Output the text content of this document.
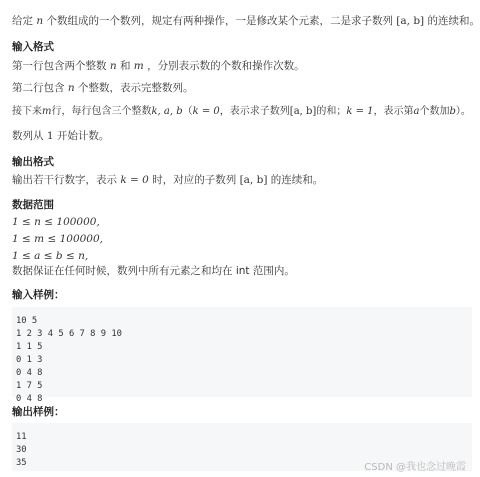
给定 n 个数组成的一个数列，规定有两种操作，一是修改某个元素，二是求子数列 [a, b] 的连续和。

输入格式

第一行包含两个整数 n 和 m ，分别表示数的个数和操作次数。

第二行包含 n 个整数，表示完整数列。

接下来m行，每行包含三个整数k, a, b（k = 0，表示求子数列[a, b]的和；k = 1，表示第a个数加b）。

数列从 1 开始计数。

输出格式

输出若干行数字，表示 k = 0 时，对应的子数列 [a, b] 的连续和。

数据范围

1 ≤ n ≤ 100000,

1 ≤ m ≤ 100000,

1 ≤ a ≤ b ≤ n,

数据保证在任何时候，数列中所有元素之和均在 int 范围内。

输入样例：

10 5
1 2 3 4 5 6 7 8 9 10
1 1 5
0 1 3
0 4 8
1 7 5
0 4 8

输出样例：

11
30
35	CSDN @我也念过晚霞
